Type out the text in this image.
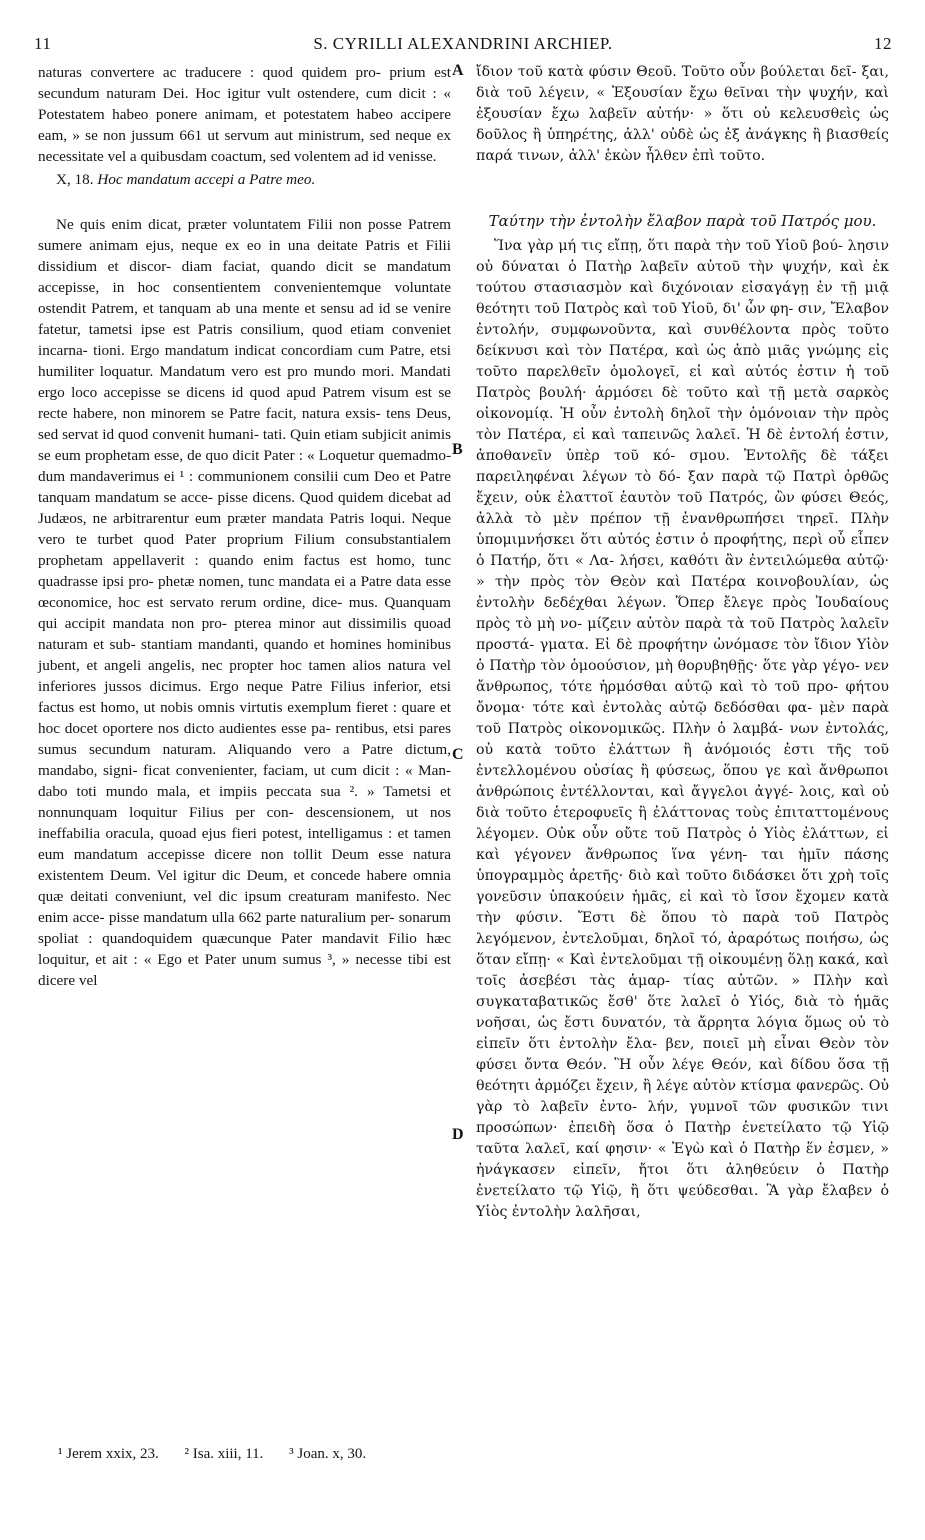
11	S. CYRILLI ALEXANDRINI ARCHIEP.	12

naturas convertere ac traducere : quod quidem pro- prium est secundum naturam Dei. Hoc igitur vult ostendere, cum dicit : « Potestatem habeo ponere animam, et potestatem habeo accipere eam, » se non jussum 661 ut servum aut ministrum, sed neque ex necessitate vel a quibusdam coactum, sed volentem ad id venisse.

X, 18. Hoc mandatum accepi a Patre meo.

Ne quis enim dicat, præter voluntatem Filii non posse Patrem sumere animam ejus, neque ex eo in una deitate Patris et Filii dissidium et discor- diam faciat, quando dicit se mandatum accepisse, in hoc consentientem convenientemque voluntate ostendit Patrem, et tanquam ab una mente et sensu ad id se venire fatetur, tametsi ipse est Patris consilium, quod etiam conveniet incarna- tioni. Ergo mandatum indicat concordiam cum Patre, etsi humiliter loquatur. Mandatum vero est pro mundo mori. Mandati ergo loco accepisse se dicens id quod apud Patrem visum est se recte habere, non minorem se Patre facit, natura exsis- tens Deus, sed servat id quod convenit humani- tati. Quin etiam subjicit animis se eum prophetam esse, de quo dicit Pater : « Loquetur quemadmo- dum mandaverimus ei ¹ : communionem consilii cum Deo et Patre tanquam mandatum se acce- pisse dicens. Quod quidem dicebat ad Judæos, ne arbitrarentur eum præter mandata Patris loqui. Neque vero te turbet quod Pater proprium Filium consubstantialem prophetam appellaverit : quando enim factus est homo, tunc quadrasse ipsi pro- phetæ nomen, tunc mandata ei a Patre data esse œconomice, hoc est servato rerum ordine, dice- mus. Quanquam qui accipit mandata non pro- pterea minor aut dissimilis quoad naturam et sub- stantiam mandanti, quando et homines hominibus jubent, et angeli angelis, nec propter hoc tamen alios natura vel inferiores jussos dicimus. Ergo neque Patre Filius inferior, etsi factus est homo, ut nobis omnis virtutis exemplum fieret : quare et hoc docet oportere nos dicto audientes esse pa- rentibus, etsi pares sumus secundum naturam. Aliquando vero a Patre dictum, mandabo, signi- ficat convenienter, faciam, ut cum dicit : « Man- dabo toti mundo mala, et impiis peccata sua ². » Tametsi et nonnunquam loquitur Filius per con- descensionem, ut nos ineffabilia oracula, quoad ejus fieri potest, intelligamus : et tamen eum mandatum accepisse dicere non tollit Deum esse natura existentem Deum. Vel igitur dic Deum, et concede habere omnia quæ deitati conveniunt, vel dic ipsum creaturam manifesto. Nec enim acce- pisse mandatum ulla 662 parte naturalium per- sonarum spoliat : quandoquidem quæcunque Pater mandavit Filio hæc loquitur, et ait : « Ego et Pater unum sumus ³, » necesse tibi est dicere vel

A
B
C
D

ἴδιον τοῦ κατὰ φύσιν Θεοῦ. Τοῦτο οὖν βούλεται δεῖ- ξαι, διὰ τοῦ λέγειν, « Ἐξουσίαν ἔχω θεῖναι τὴν ψυχήν, καὶ ἐξουσίαν ἔχω λαβεῖν αὐτήν· » ὅτι οὐ κελευσθεὶς ὡς δοῦλος ἢ ὑπηρέτης, ἀλλ' οὐδὲ ὡς ἐξ ἀνάγκης ἢ βιασθείς παρά τινων, ἀλλ' ἑκὼν ἦλθεν ἐπὶ τοῦτο.

Ταύτην τὴν ἐντολὴν ἔλαβον παρὰ τοῦ Πατρός μου.

Ἵνα γὰρ μή τις εἴπῃ, ὅτι παρὰ τὴν τοῦ Υἱοῦ βού- λησιν οὐ δύναται ὁ Πατὴρ λαβεῖν αὐτοῦ τὴν ψυχήν, καὶ ἐκ τούτου στασιασμὸν καὶ διχόνοιαν εἰσαγάγῃ ἐν τῇ μιᾷ θεότητι τοῦ Πατρὸς καὶ τοῦ Υἱοῦ, δι' ὧν φη- σιν, Ἔλαβον ἐντολήν, συμφωνοῦντα, καὶ συνθέλοντα πρὸς τοῦτο δείκνυσι καὶ τὸν Πατέρα, καὶ ὡς ἀπὸ μιᾶς γνώμης εἰς τοῦτο παρελθεῖν ὁμολογεῖ, εἰ καὶ αὐτός ἐστιν ἡ τοῦ Πατρὸς βουλή· ἁρμόσει δὲ τοῦτο καὶ τῇ μετὰ σαρκὸς οἰκονομίᾳ. Ἡ οὖν ἐντολὴ δηλοῖ τὴν ὁμόνοιαν τὴν πρὸς τὸν Πατέρα, εἰ καὶ ταπεινῶς λαλεῖ. Ἡ δὲ ἐντολή ἐστιν, ἀποθανεῖν ὑπὲρ τοῦ κό- σμου. Ἐντολῆς δὲ τάξει παρειληφέναι λέγων τὸ δό- ξαν παρὰ τῷ Πατρὶ ὀρθῶς ἔχειν, οὐκ ἐλαττοῖ ἑαυτὸν τοῦ Πατρός, ὢν φύσει Θεός, ἀλλὰ τὸ μὲν πρέπον τῇ ἐνανθρωπήσει τηρεῖ. Πλὴν ὑπομιμνήσκει ὅτι αὐτός ἐστιν ὁ προφήτης, περὶ οὗ εἶπεν ὁ Πατήρ, ὅτι « Λα- λήσει, καθότι ἂν ἐντειλώμεθα αὐτῷ· » τὴν πρὸς τὸν Θεὸν καὶ Πατέρα κοινοβουλίαν, ὡς ἐντολὴν δεδέχθαι λέγων. Ὅπερ ἔλεγε πρὸς Ἰουδαίους πρὸς τὸ μὴ νο- μίζειν αὐτὸν παρὰ τὰ τοῦ Πατρὸς λαλεῖν προστά- γματα. Εἰ δὲ προφήτην ὠνόμασε τὸν ἴδιον Υἱὸν ὁ Πατὴρ τὸν ὁμοούσιον, μὴ θορυβηθῇς· ὅτε γὰρ γέγο- νεν ἄνθρωπος, τότε ἡρμόσθαι αὐτῷ καὶ τὸ τοῦ προ- φήτου ὄνομα· τότε καὶ ἐντολὰς αὐτῷ δεδόσθαι φα- μὲν παρὰ τοῦ Πατρὸς οἰκονομικῶς. Πλὴν ὁ λαμβά- νων ἐντολάς, οὐ κατὰ τοῦτο ἐλάττων ἢ ἀνόμοιός ἐστι τῆς τοῦ ἐντελλομένου οὐσίας ἢ φύσεως, ὅπου γε καὶ ἄνθρωποι ἀνθρώποις ἐντέλλονται, καὶ ἄγγελοι ἀγγέ- λοις, καὶ οὐ διὰ τοῦτο ἑτεροφυεῖς ἢ ἐλάττονας τοὺς ἐπιταττομένους λέγομεν. Οὐκ οὖν οὔτε τοῦ Πατρὸς ὁ Υἱὸς ἐλάττων, εἰ καὶ γέγονεν ἄνθρωπος ἵνα γένη- ται ἡμῖν πάσης ὑπογραμμὸς ἀρετῆς· διὸ καὶ τοῦτο διδάσκει ὅτι χρὴ τοῖς γονεῦσιν ὑπακούειν ἡμᾶς, εἰ καὶ τὸ ἴσον ἔχομεν κατὰ τὴν φύσιν. Ἔστι δὲ ὅπου τὸ παρὰ τοῦ Πατρὸς λεγόμενον, ἐντελοῦμαι, δηλοῖ τό, ἀραρότως ποιήσω, ὡς ὅταν εἴπῃ· « Καὶ ἐντελοῦμαι τῇ οἰκουμένῃ ὅλῃ κακά, καὶ τοῖς ἀσεβέσι τὰς ἁμαρ- τίας αὐτῶν. » Πλὴν καὶ συγκαταβατικῶς ἔσθ' ὅτε λαλεῖ ὁ Υἱός, διὰ τὸ ἡμᾶς νοῆσαι, ὡς ἔστι δυνατόν, τὰ ἄρρητα λόγια ὅμως οὐ τὸ εἰπεῖν ὅτι ἐντολὴν ἔλα- βεν, ποιεῖ μὴ εἶναι Θεὸν τὸν φύσει ὄντα Θεόν. Ἢ οὖν λέγε Θεόν, καὶ δίδου ὅσα τῇ θεότητι ἁρμόζει ἔχειν, ἢ λέγε αὐτὸν κτίσμα φανερῶς. Οὐ γὰρ τὸ λαβεῖν ἐντο- λήν, γυμνοῖ τῶν φυσικῶν τινι προσώπων· ἐπειδὴ ὅσα ὁ Πατὴρ ἐνετείλατο τῷ Υἱῷ ταῦτα λαλεῖ, καί φησιν· « Ἐγὼ καὶ ὁ Πατὴρ ἕν ἐσμεν, » ἠνάγκασεν εἰπεῖν, ἤτοι ὅτι ἀληθεύειν ὁ Πατὴρ ἐνετείλατο τῷ Υἱῷ, ἢ ὅτι ψεύδεσθαι. Ἃ γὰρ ἔλαβεν ὁ Υἱὸς ἐντολὴν λαλῆσαι,

¹ Jerem xxix, 23. ² Isa. xiii, 11. ³ Joan. x, 30.
